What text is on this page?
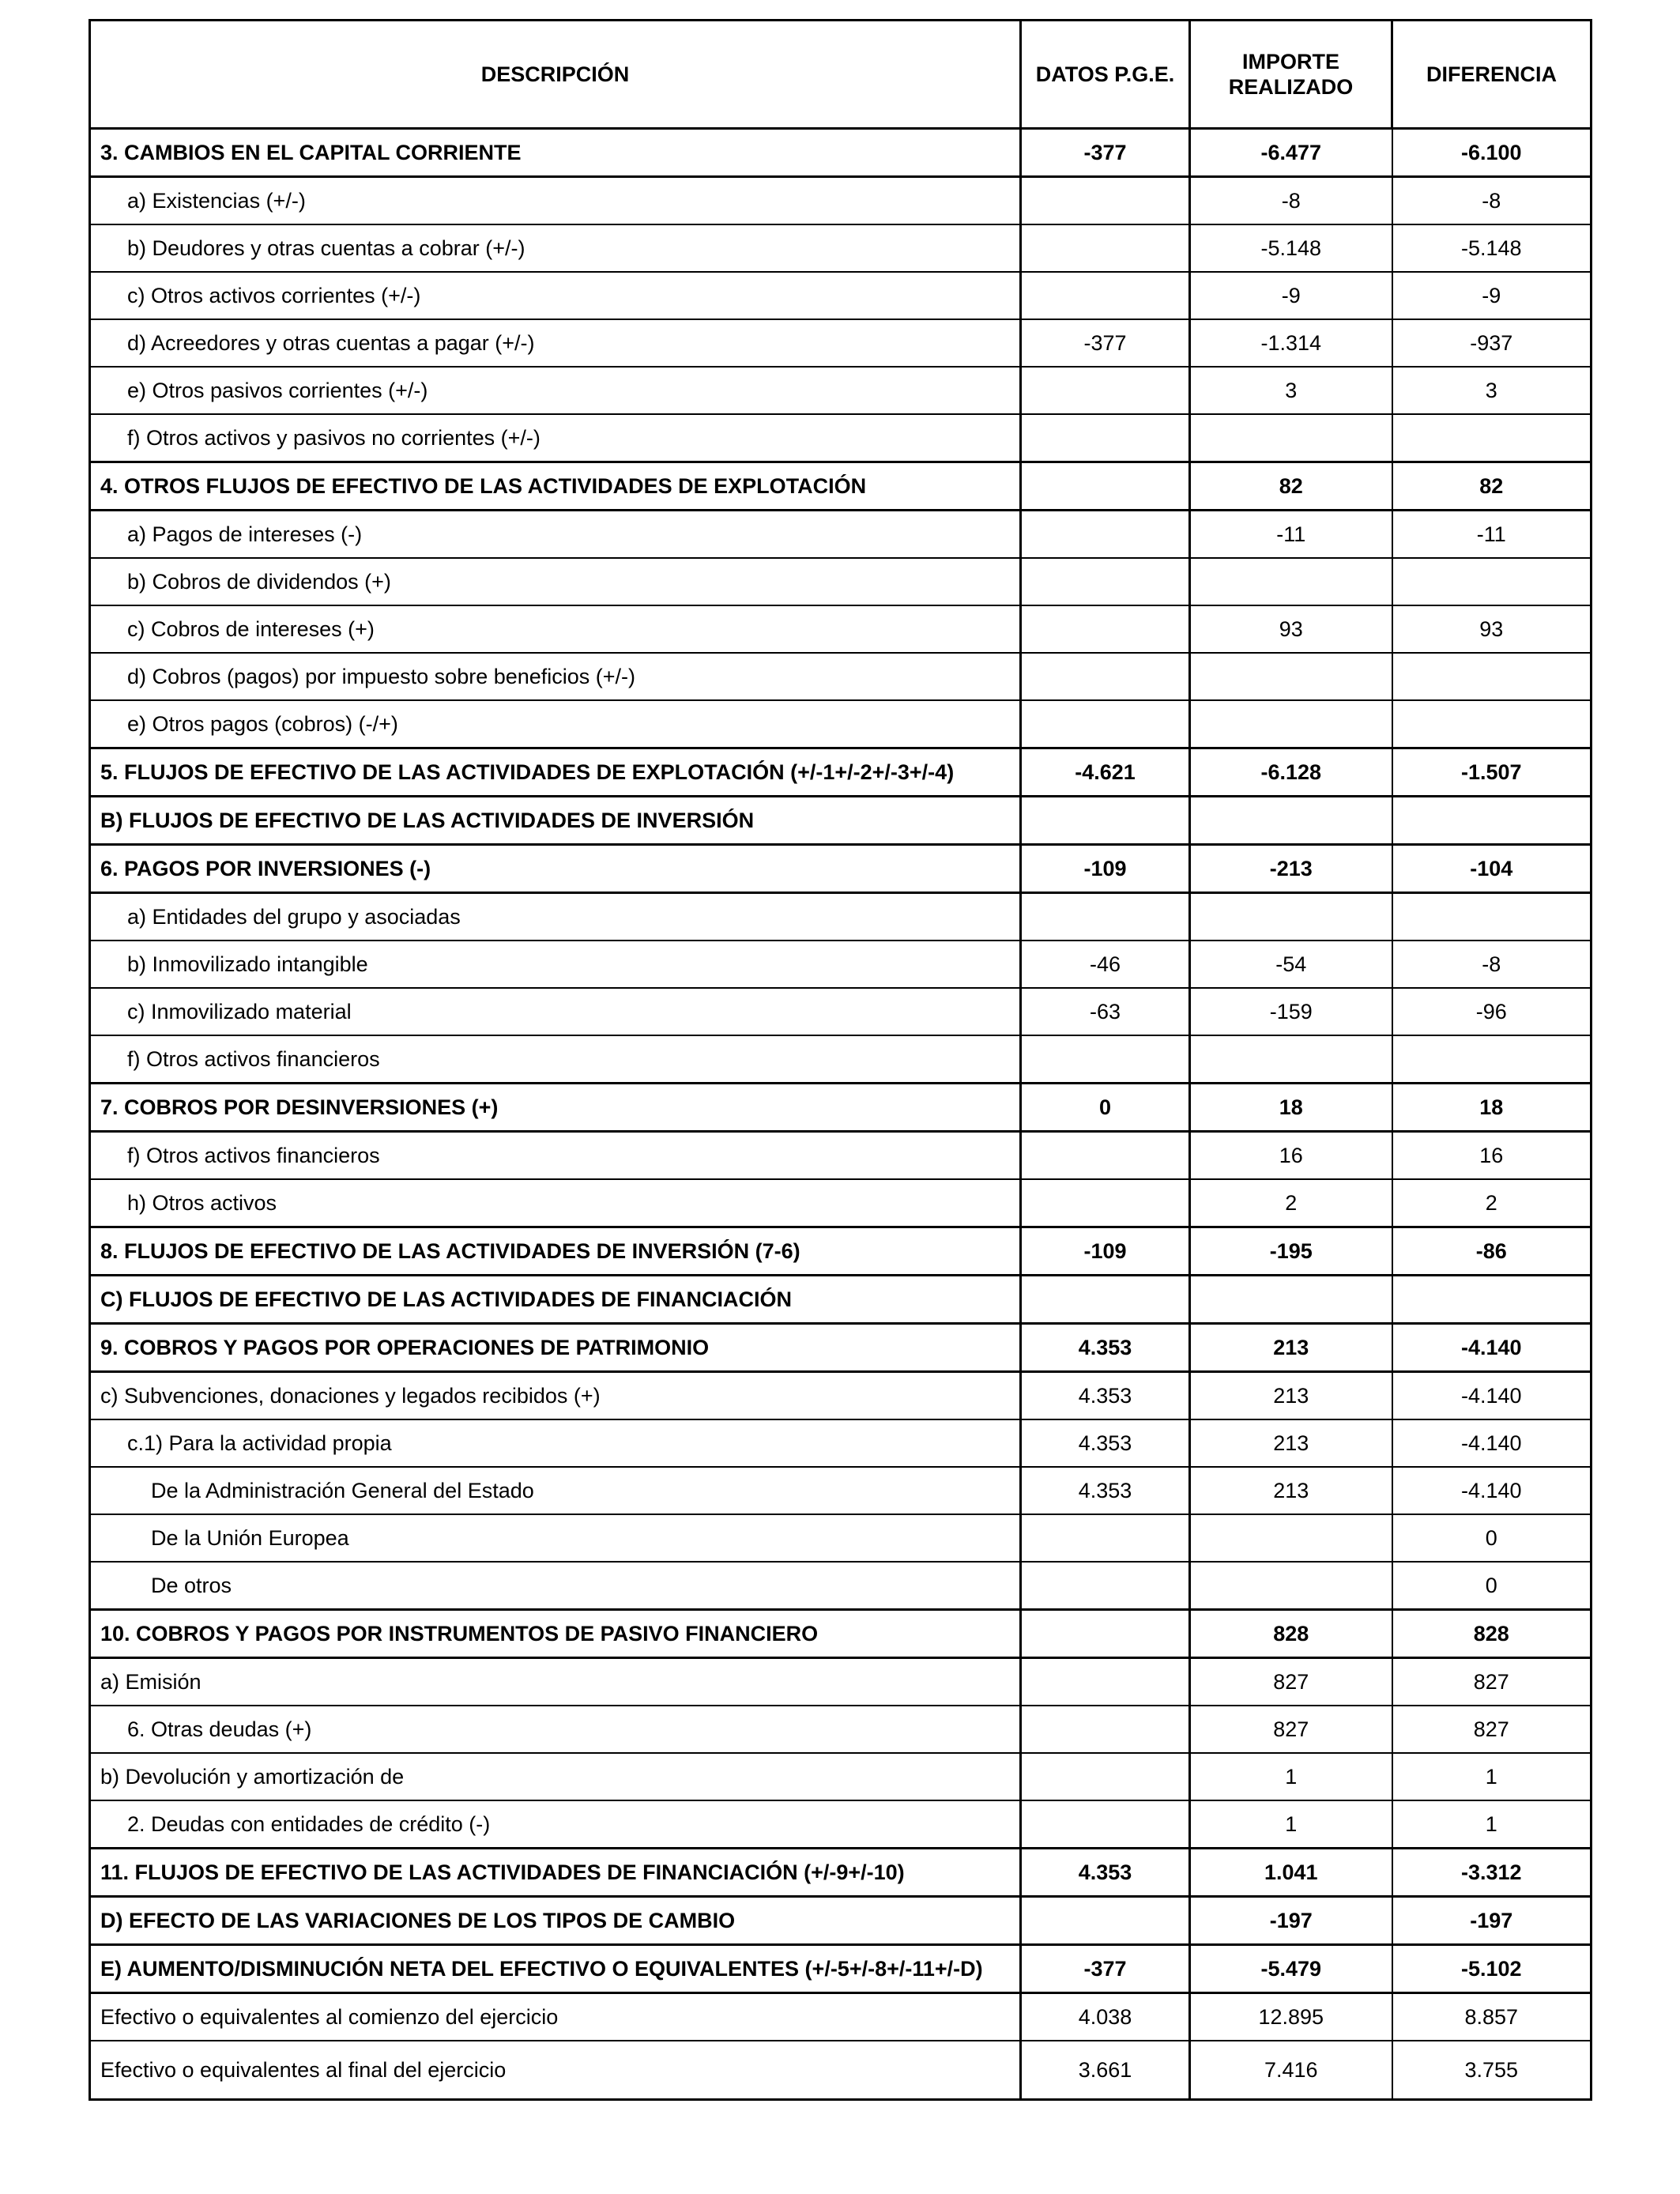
DESCRIPCIÓN	DATOS P.G.E.	IMPORTE REALIZADO	DIFERENCIA
3. CAMBIOS EN EL CAPITAL CORRIENTE	-377	-6.477	-6.100
a) Existencias (+/-)		-8	-8
b) Deudores y otras cuentas a cobrar (+/-)		-5.148	-5.148
c) Otros activos corrientes (+/-)		-9	-9
d) Acreedores y otras cuentas a pagar (+/-)	-377	-1.314	-937
e) Otros pasivos corrientes (+/-)		3	3
f) Otros activos y pasivos no corrientes (+/-)			
4. OTROS FLUJOS DE EFECTIVO DE LAS ACTIVIDADES DE EXPLOTACIÓN		82	82
a) Pagos de intereses (-)		-11	-11
b) Cobros de dividendos (+)			
c) Cobros de intereses (+)		93	93
d) Cobros (pagos) por impuesto sobre beneficios (+/-)			
e) Otros pagos (cobros) (-/+)			
5. FLUJOS DE EFECTIVO DE LAS ACTIVIDADES DE EXPLOTACIÓN (+/-1+/-2+/-3+/-4)	-4.621	-6.128	-1.507
B) FLUJOS DE EFECTIVO DE LAS ACTIVIDADES DE INVERSIÓN			
6. PAGOS POR INVERSIONES (-)	-109	-213	-104
a) Entidades del grupo y asociadas			
b) Inmovilizado intangible	-46	-54	-8
c) Inmovilizado material	-63	-159	-96
f) Otros activos financieros			
7. COBROS POR DESINVERSIONES (+)	0	18	18
f) Otros activos financieros		16	16
h) Otros activos		2	2
8. FLUJOS DE EFECTIVO DE LAS ACTIVIDADES DE INVERSIÓN (7-6)	-109	-195	-86
C) FLUJOS DE EFECTIVO DE LAS ACTIVIDADES DE FINANCIACIÓN			
9. COBROS Y PAGOS POR OPERACIONES DE PATRIMONIO	4.353	213	-4.140
c) Subvenciones, donaciones y legados recibidos (+)	4.353	213	-4.140
c.1) Para la actividad propia	4.353	213	-4.140
De la Administración General del Estado	4.353	213	-4.140
De la Unión Europea			0
De otros			0
10. COBROS Y PAGOS POR INSTRUMENTOS DE PASIVO FINANCIERO		828	828
a) Emisión		827	827
6. Otras deudas (+)		827	827
b) Devolución y amortización de		1	1
2. Deudas con entidades de crédito (-)		1	1
11. FLUJOS DE EFECTIVO DE LAS ACTIVIDADES DE FINANCIACIÓN (+/-9+/-10)	4.353	1.041	-3.312
D) EFECTO DE LAS VARIACIONES DE LOS TIPOS DE CAMBIO		-197	-197
E) AUMENTO/DISMINUCIÓN NETA DEL EFECTIVO O EQUIVALENTES (+/-5+/-8+/-11+/-D)	-377	-5.479	-5.102
Efectivo o equivalentes al comienzo del ejercicio	4.038	12.895	8.857
Efectivo o equivalentes al final del ejercicio	3.661	7.416	3.755
